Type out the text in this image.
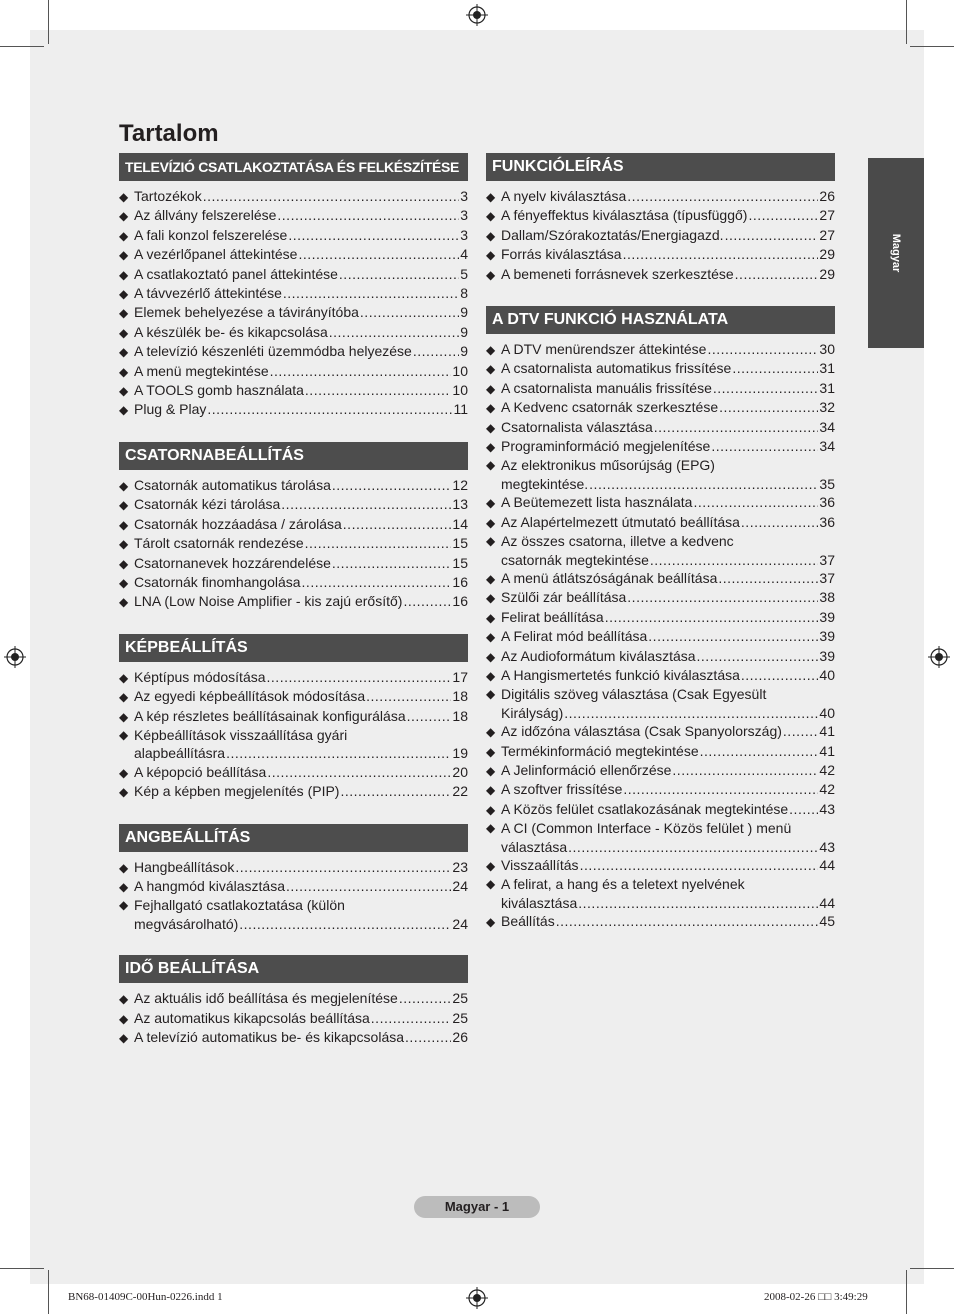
Magyar
Tartalom
TELEVÍZIÓ CSATLAKOZTATÁSA ÉS FELKÉSZÍTÉSE
◆ Tartozékok .....	3
◆ Az állvány felszerelése .....	3
◆ A fali konzol felszerelése .....	3
◆ A vezérlőpanel áttekintése .....	4
◆ A csatlakoztató panel áttekintése .....	5
◆ A távvezérlő áttekintése .....	8
◆ Elemek behelyezése a távirányítóba .....	9
◆ A készülék be- és kikapcsolása .....	9
◆ A televízió készenléti üzemmódba helyezése .....	9
◆ A menü megtekintése .....	10
◆ A TOOLS gomb használata .....	10
◆ Plug & Play .....	11
CSATORNABEÁLLÍTÁS
◆ Csatornák automatikus tárolása .....	12
◆ Csatornák kézi tárolása .....	13
◆ Csatornák hozzáadása / zárolása .....	14
◆ Tárolt csatornák rendezése .....	15
◆ Csatornanevek hozzárendelése .....	15
◆ Csatornák finomhangolása .....	16
◆ LNA (Low Noise Amplifier - kis zajú erősítő) .....	16
KÉPBEÁLLÍTÁS
◆ Képtípus módosítása .....	17
◆ Az egyedi képbeállítások módosítása .....	18
◆ A kép részletes beállításainak konfigurálása .....	18
◆ Képbeállítások visszaállítása gyári
alapbeállításra .....	19
◆ A képopció beállítása .....	20
◆ Kép a képben megjelenítés (PIP) .....	22
ANGBEÁLLÍTÁS
◆ Hangbeállítások .....	23
◆ A hangmód kiválasztása .....	24
◆ Fejhallgató csatlakoztatása (külön
megvásárolható) .....	24
IDŐ BEÁLLÍTÁSA
◆ Az aktuális idő beállítása és megjelenítése .....	25
◆ Az automatikus kikapcsolás beállítása .....	25
◆ A televízió automatikus be- és kikapcsolása .....	26
FUNKCIÓLEÍRÁS
◆ A nyelv kiválasztása .....	26
◆ A fényeffektus kiválasztása (típusfüggő) .....	27
◆ Dallam/Szórakoztatás/Energiagazd. .....	27
◆ Forrás kiválasztása .....	29
◆ A bemeneti forrásnevek szerkesztése .....	29
A DTV FUNKCIÓ HASZNÁLATA
◆ A DTV menürendszer áttekintése .....	30
◆ A csatornalista automatikus frissítése .....	31
◆ A csatornalista manuális frissítése .....	31
◆ A Kedvenc csatornák szerkesztése .....	32
◆ Csatornalista választása .....	34
◆ Programinformáció megjelenítése .....	34
◆ Az elektronikus műsorújság (EPG)
megtekintése. .....	35
◆ A Beütemezett lista használata .....	36
◆ Az Alapértelmezett útmutató beállítása .....	36
◆ Az összes csatorna, illetve a kedvenc
csatornák megtekintése .....	37
◆ A menü átlátszóságának beállítása .....	37
◆ Szülői zár beállítása .....	38
◆ Felirat beállítása .....	39
◆ A Felirat mód beállítása .....	39
◆ Az Audioformátum kiválasztása .....	39
◆ A Hangismertetés funkció kiválasztása .....	40
◆ Digitális szöveg választása (Csak Egyesült
Királyság) .....	40
◆ Az időzóna választása (Csak Spanyolország) .....	41
◆ Termékinformáció megtekintése .....	41
◆ A Jelinformáció ellenőrzése .....	42
◆ A szoftver frissítése .....	42
◆ A Közös felület csatlakozásának megtekintése ..... 43
◆ A CI (Common Interface - Közös felület ) menü
választása .....	43
◆ Visszaállítás .....	44
◆ A felirat, a hang és a teletext nyelvének
kiválasztása .....	44
◆ Beállítás .....	45
Magyar - 1
BN68-01409C-00Hun-0226.indd 1	2008-02-26 □□ 3:49:29
